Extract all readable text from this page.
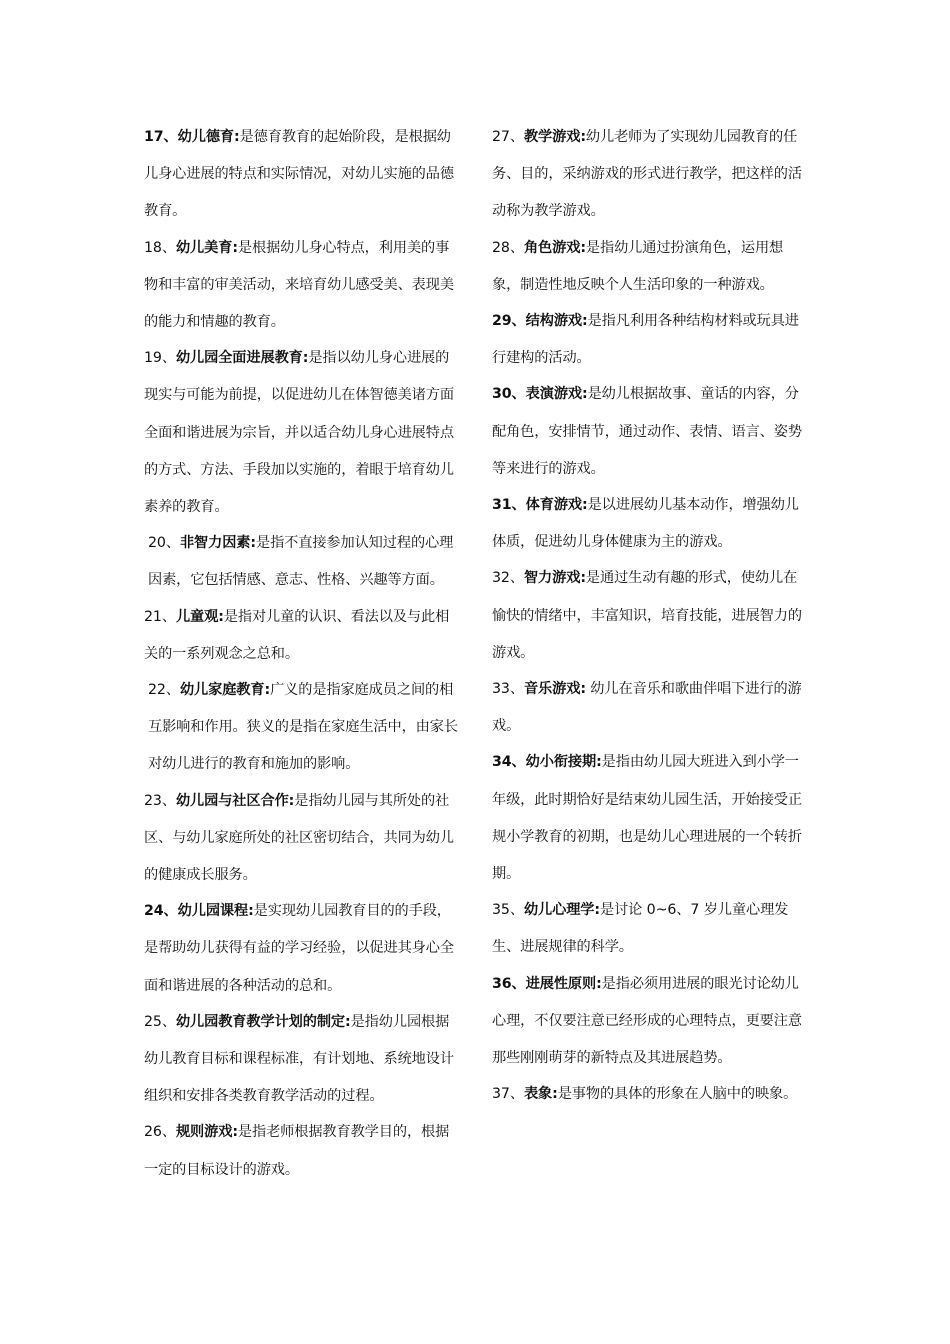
17、幼儿德育:是德育教育的起始阶段，是根据幼儿身心进展的特点和实际情况，对幼儿实施的品德教育。

18、幼儿美育:是根据幼儿身心特点，利用美的事物和丰富的审美活动，来培育幼儿感受美、表现美的能力和情趣的教育。

19、幼儿园全面进展教育:是指以幼儿身心进展的现实与可能为前提，以促进幼儿在体智德美诸方面全面和谐进展为宗旨，并以适合幼儿身心进展特点的方式、方法、手段加以实施的，着眼于培育幼儿素养的教育。

20、非智力因素:是指不直接参加认知过程的心理因素，它包括情感、意志、性格、兴趣等方面。

21、儿童观:是指对儿童的认识、看法以及与此相关的一系列观念之总和。

22、幼儿家庭教育:广义的是指家庭成员之间的相互影响和作用。狭义的是指在家庭生活中，由家长对幼儿进行的教育和施加的影响。

23、幼儿园与社区合作:是指幼儿园与其所处的社区、与幼儿家庭所处的社区密切结合，共同为幼儿的健康成长服务。

24、幼儿园课程:是实现幼儿园教育目的的手段，是帮助幼儿获得有益的学习经验，以促进其身心全面和谐进展的各种活动的总和。

25、幼儿园教育教学计划的制定:是指幼儿园根据幼儿教育目标和课程标准，有计划地、系统地设计组织和安排各类教育教学活动的过程。

26、规则游戏:是指老师根据教育教学目的，根据一定的目标设计的游戏。

27、教学游戏:幼儿老师为了实现幼儿园教育的任务、目的，采纳游戏的形式进行教学，把这样的活动称为教学游戏。

28、角色游戏:是指幼儿通过扮演角色，运用想象，制造性地反映个人生活印象的一种游戏。

29、结构游戏:是指凡利用各种结构材料或玩具进行建构的活动。

30、表演游戏:是幼儿根据故事、童话的内容，分配角色，安排情节，通过动作、表情、语言、姿势等来进行的游戏。

31、体育游戏:是以进展幼儿基本动作，增强幼儿体质，促进幼儿身体健康为主的游戏。

32、智力游戏:是通过生动有趣的形式，使幼儿在愉快的情绪中，丰富知识，培育技能，进展智力的游戏。

33、音乐游戏: 幼儿在音乐和歌曲伴唱下进行的游戏。

34、幼小衔接期:是指由幼儿园大班进入到小学一年级，此时期恰好是结束幼儿园生活，开始接受正规小学教育的初期，也是幼儿心理进展的一个转折期。

35、幼儿心理学:是讨论 0~6、7 岁儿童心理发生、进展规律的科学。

36、进展性原则:是指必须用进展的眼光讨论幼儿心理，不仅要注意已经形成的心理特点，更要注意那些刚刚萌芽的新特点及其进展趋势。

37、表象:是事物的具体的形象在人脑中的映象。
